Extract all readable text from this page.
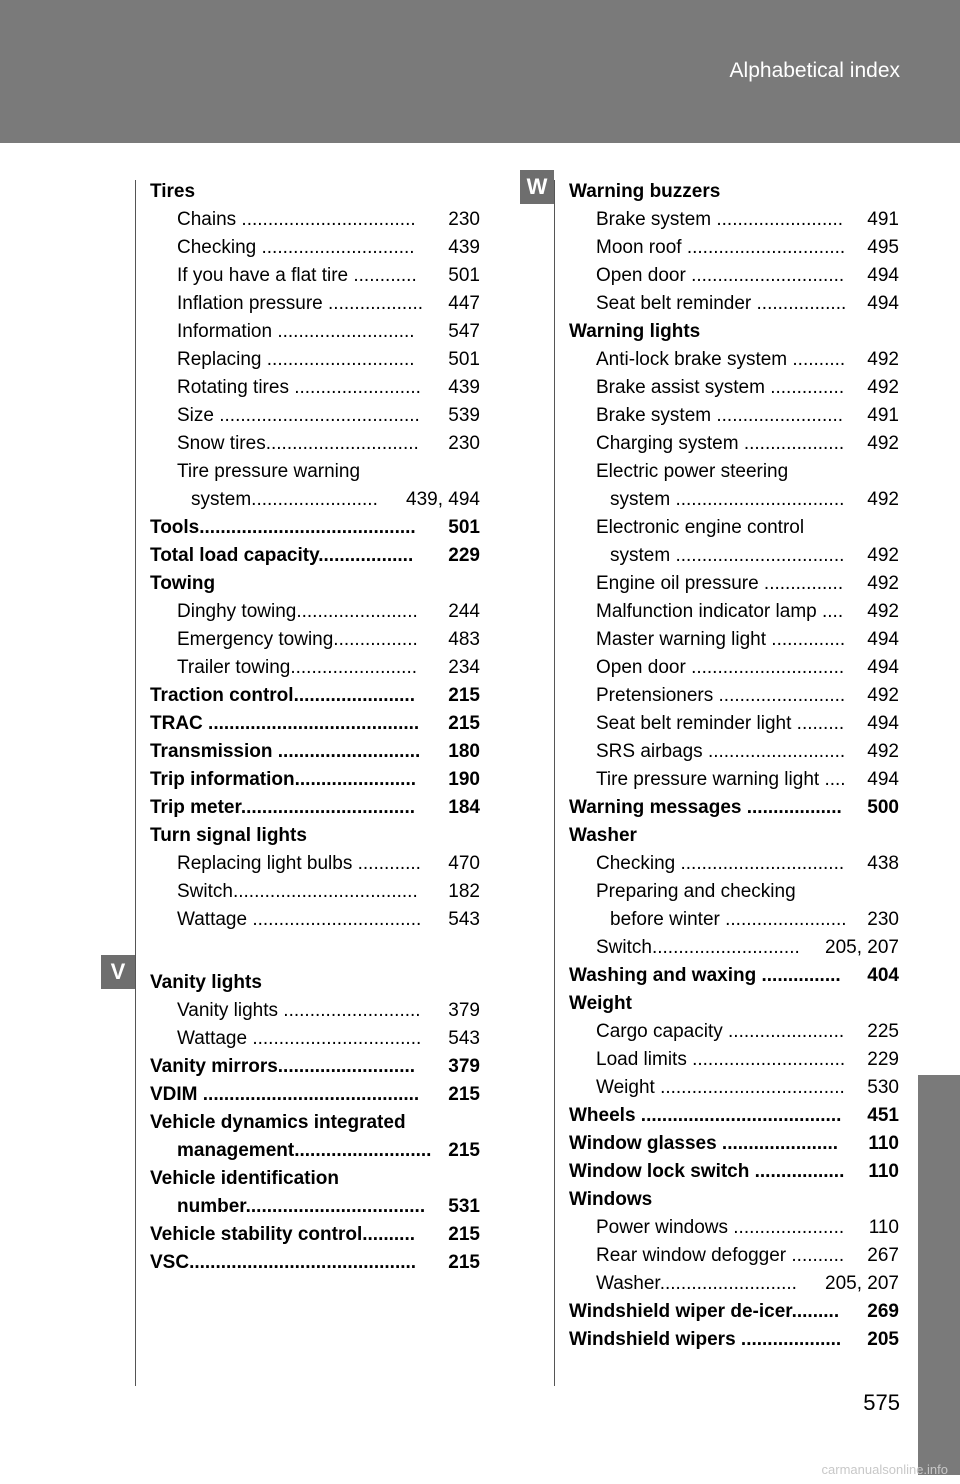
Alphabetical index
V
W
Tires
Chains .................................	230
Checking .............................	439
If you have a flat tire ............	501
Inflation pressure ..................	447
Information ..........................	547
Replacing ............................	501
Rotating tires ........................	439
Size ......................................	539
Snow tires.............................	230
Tire pressure warning
system........................	439, 494
Tools.........................................	501
Total load capacity..................	229
Towing
Dinghy towing.......................	244
Emergency towing................	483
Trailer towing........................	234
Traction control.......................	215
TRAC ........................................	215
Transmission ...........................	180
Trip information.......................	190
Trip meter.................................	184
Turn signal lights
Replacing light bulbs ............	470
Switch...................................	182
Wattage ................................	543
Vanity lights
Vanity lights ..........................	379
Wattage ................................	543
Vanity mirrors..........................	379
VDIM .........................................	215
Vehicle dynamics integrated
management.......................... 215
Vehicle identification
number..................................	531
Vehicle stability control..........	215
VSC...........................................	215
Warning buzzers
Brake system ........................	491
Moon roof ..............................	495
Open door .............................	494
Seat belt reminder .................	494
Warning lights
Anti-lock brake system ..........	492
Brake assist system ..............	492
Brake system ........................	491
Charging system ...................	492
Electric power steering
system ................................	492
Electronic engine control
system ................................	492
Engine oil pressure ...............	492
Malfunction indicator lamp ....	492
Master warning light ..............	494
Open door .............................	494
Pretensioners ........................	492
Seat belt reminder light .........	494
SRS airbags ..........................	492
Tire pressure warning light ....	494
Warning messages ..................	500
Washer
Checking ...............................	438
Preparing and checking
before winter .......................	230
Switch............................	205, 207
Washing and waxing ...............	404
Weight
Cargo capacity ......................	225
Load limits .............................	229
Weight ...................................	530
Wheels ......................................	451
Window glasses ......................	110
Window lock switch .................	110
Windows
Power windows .....................	110
Rear window defogger ..........	267
Washer..........................	205, 207
Windshield wiper de-icer.........	269
Windshield wipers ...................	205
575
carmanualsonline.info
